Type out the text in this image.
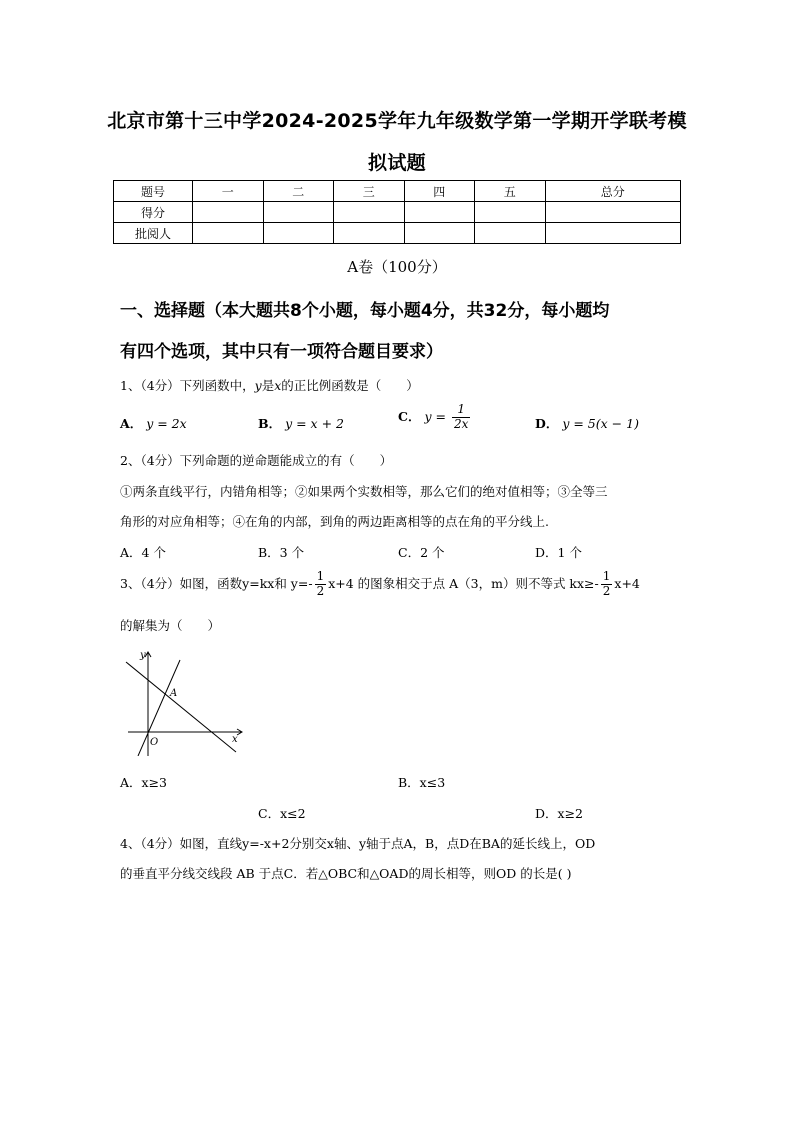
北京市第十三中学2024-2025学年九年级数学第一学期开学联考模
拟试题
题号	一	二	三	四	五	总分
得分						
批阅人						
A卷（100分）
一、选择题（本大题共8个小题，每小题4分，共32分，每小题均
有四个选项，其中只有一项符合题目要求）
1、（4分）下列函数中，y是x的正比例函数是（　　）
A． y = 2x	B． y = x + 2	C． $y = \frac{1}{2x}$	D． y = 5(x − 1)
2、（4分）下列命题的逆命题能成立的有（　　）
①两条直线平行，内错角相等；②如果两个实数相等，那么它们的绝对值相等；③全等三
角形的对应角相等；④在角的内部，到角的两边距离相等的点在角的平分线上.
A．4 个	B．3 个	C．2 个	D．1 个
3、（4分）如图，函数y=kx和 $y=- \frac{1}{2} x+4$ 的图象相交于点 A（3，m）则不等式 $kx\ge- \frac{1}{2} x+4$
的解集为（　　）
y
x
A
O
A．x≥3	B．x≤3
C．x≤2	D．x≥2
4、（4分）如图，直线y=-x+2分别交x轴、y轴于点A，B，点D在BA的延长线上，OD
的垂直平分线交线段 AB 于点C．若△OBC和△OAD的周长相等，则OD 的长是( )
